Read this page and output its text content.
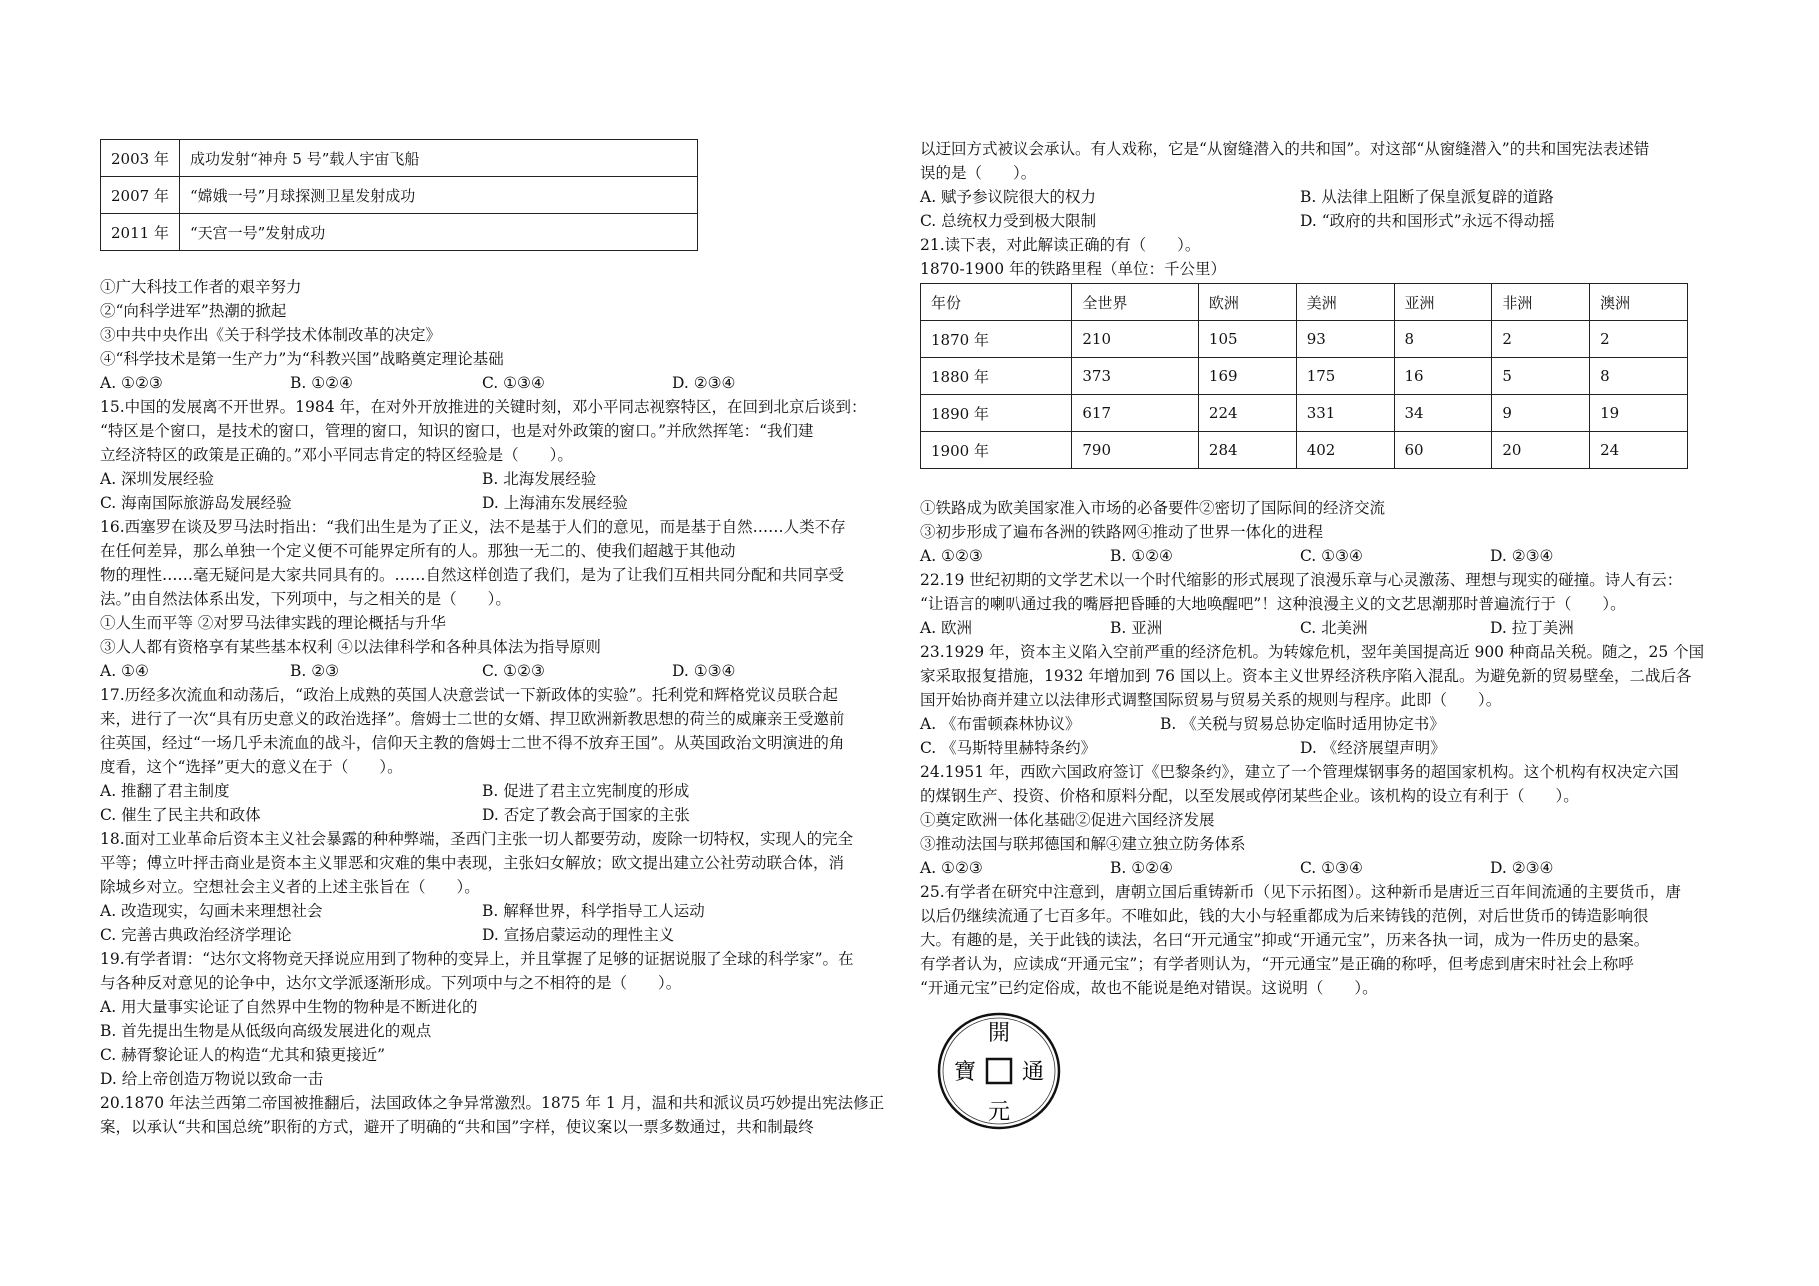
2003 年	成功发射“神舟 5 号”载人宇宙飞船
2007 年	“嫦娥一号”月球探测卫星发射成功
2011 年	“天宫一号”发射成功
①广大科技工作者的艰辛努力
②“向科学进军”热潮的掀起
③中共中央作出《关于科学技术体制改革的决定》
④“科学技术是第一生产力”为“科教兴国”战略奠定理论基础
A. ①②③	B. ①②④	C. ①③④	D. ②③④
15.中国的发展离不开世界。1984 年，在对外开放推进的关键时刻，邓小平同志视察特区，在回到北京后谈到：
“特区是个窗口，是技术的窗口，管理的窗口，知识的窗口，也是对外政策的窗口。”并欣然挥笔：“我们建
立经济特区的政策是正确的。”邓小平同志肯定的特区经验是（　　）。
A. 深圳发展经验	B. 北海发展经验
C. 海南国际旅游岛发展经验	D. 上海浦东发展经验
16.西塞罗在谈及罗马法时指出：“我们出生是为了正义，法不是基于人们的意见，而是基于自然……人类不存
在任何差异，那么单独一个定义便不可能界定所有的人。那独一无二的、使我们超越于其他动
物的理性……毫无疑问是大家共同具有的。……自然这样创造了我们，是为了让我们互相共同分配和共同享受
法。”由自然法体系出发，下列项中，与之相关的是（　　）。
①人生而平等 ②对罗马法律实践的理论概括与升华
③人人都有资格享有某些基本权利 ④以法律科学和各种具体法为指导原则
A. ①④	B. ②③	C. ①②③	D. ①③④
17.历经多次流血和动荡后，“政治上成熟的英国人决意尝试一下新政体的实验”。托利党和辉格党议员联合起
来，进行了一次“具有历史意义的政治选择”。詹姆士二世的女婿、捍卫欧洲新教思想的荷兰的威廉亲王受邀前
往英国，经过“一场几乎未流血的战斗，信仰天主教的詹姆士二世不得不放弃王国”。从英国政治文明演进的角
度看，这个“选择”更大的意义在于（　　）。
A. 推翻了君主制度	B. 促进了君主立宪制度的形成
C. 催生了民主共和政体	D. 否定了教会高于国家的主张
18.面对工业革命后资本主义社会暴露的种种弊端，圣西门主张一切人都要劳动，废除一切特权，实现人的完全
平等；傅立叶抨击商业是资本主义罪恶和灾难的集中表现，主张妇女解放；欧文提出建立公社劳动联合体，消
除城乡对立。空想社会主义者的上述主张旨在（　　）。
A. 改造现实，勾画未来理想社会	B. 解释世界，科学指导工人运动
C. 完善古典政治经济学理论	D. 宣扬启蒙运动的理性主义
19.有学者谓：“达尔文将物竞天择说应用到了物种的变异上，并且掌握了足够的证据说服了全球的科学家”。在
与各种反对意见的论争中，达尔文学派逐渐形成。下列项中与之不相符的是（　　）。
A. 用大量事实论证了自然界中生物的物种是不断进化的
B. 首先提出生物是从低级向高级发展进化的观点
C. 赫胥黎论证人的构造“尤其和猿更接近”
D. 给上帝创造万物说以致命一击
20.1870 年法兰西第二帝国被推翻后，法国政体之争异常激烈。1875 年 1 月，温和共和派议员巧妙提出宪法修正
案，以承认“共和国总统”职衔的方式，避开了明确的“共和国”字样，使议案以一票多数通过，共和制最终
以迂回方式被议会承认。有人戏称，它是“从窗缝潜入的共和国”。对这部“从窗缝潜入”的共和国宪法表述错
误的是（　　）。
A. 赋予参议院很大的权力	B. 从法律上阻断了保皇派复辟的道路
C. 总统权力受到极大限制	D. “政府的共和国形式”永远不得动摇
21.读下表，对此解读正确的有（　　）。
1870-1900 年的铁路里程（单位：千公里）
年份	全世界	欧洲	美洲	亚洲	非洲	澳洲
1870 年	210	105	93	8	2	2
1880 年	373	169	175	16	5	8
1890 年	617	224	331	34	9	19
1900 年	790	284	402	60	20	24
①铁路成为欧美国家准入市场的必备要件②密切了国际间的经济交流
③初步形成了遍布各洲的铁路网④推动了世界一体化的进程
A. ①②③	B. ①②④	C. ①③④	D. ②③④
22.19 世纪初期的文学艺术以一个时代缩影的形式展现了浪漫乐章与心灵激荡、理想与现实的碰撞。诗人有云：
“让语言的喇叭通过我的嘴唇把昏睡的大地唤醒吧”！这种浪漫主义的文艺思潮那时普遍流行于（　　）。
A. 欧洲	B. 亚洲	C. 北美洲	D. 拉丁美洲
23.1929 年，资本主义陷入空前严重的经济危机。为转嫁危机，翌年美国提高近 900 种商品关税。随之，25 个国
家采取报复措施，1932 年增加到 76 国以上。资本主义世界经济秩序陷入混乱。为避免新的贸易壁垒，二战后各
国开始协商并建立以法律形式调整国际贸易与贸易关系的规则与程序。此即（　　）。
A. 《布雷顿森林协议》	B. 《关税与贸易总协定临时适用协定书》
C. 《马斯特里赫特条约》	D. 《经济展望声明》
24.1951 年，西欧六国政府签订《巴黎条约》，建立了一个管理煤钢事务的超国家机构。这个机构有权决定六国
的煤钢生产、投资、价格和原料分配，以至发展或停闭某些企业。该机构的设立有利于（　　）。
①奠定欧洲一体化基础②促进六国经济发展
③推动法国与联邦德国和解④建立独立防务体系
A. ①②③	B. ①②④	C. ①③④	D. ②③④
25.有学者在研究中注意到，唐朝立国后重铸新币（见下示拓图）。这种新币是唐近三百年间流通的主要货币，唐
以后仍继续流通了七百多年。不唯如此，钱的大小与轻重都成为后来铸钱的范例，对后世货币的铸造影响很
大。有趣的是，关于此钱的读法，名曰“开元通宝”抑或“开通元宝”，历来各执一词，成为一件历史的悬案。
有学者认为，应读成“开通元宝”；有学者则认为，“开元通宝”是正确的称呼，但考虑到唐宋时社会上称呼
“开通元宝”已约定俗成，故也不能说是绝对错误。这说明（　　）。
開
通
元
寶
